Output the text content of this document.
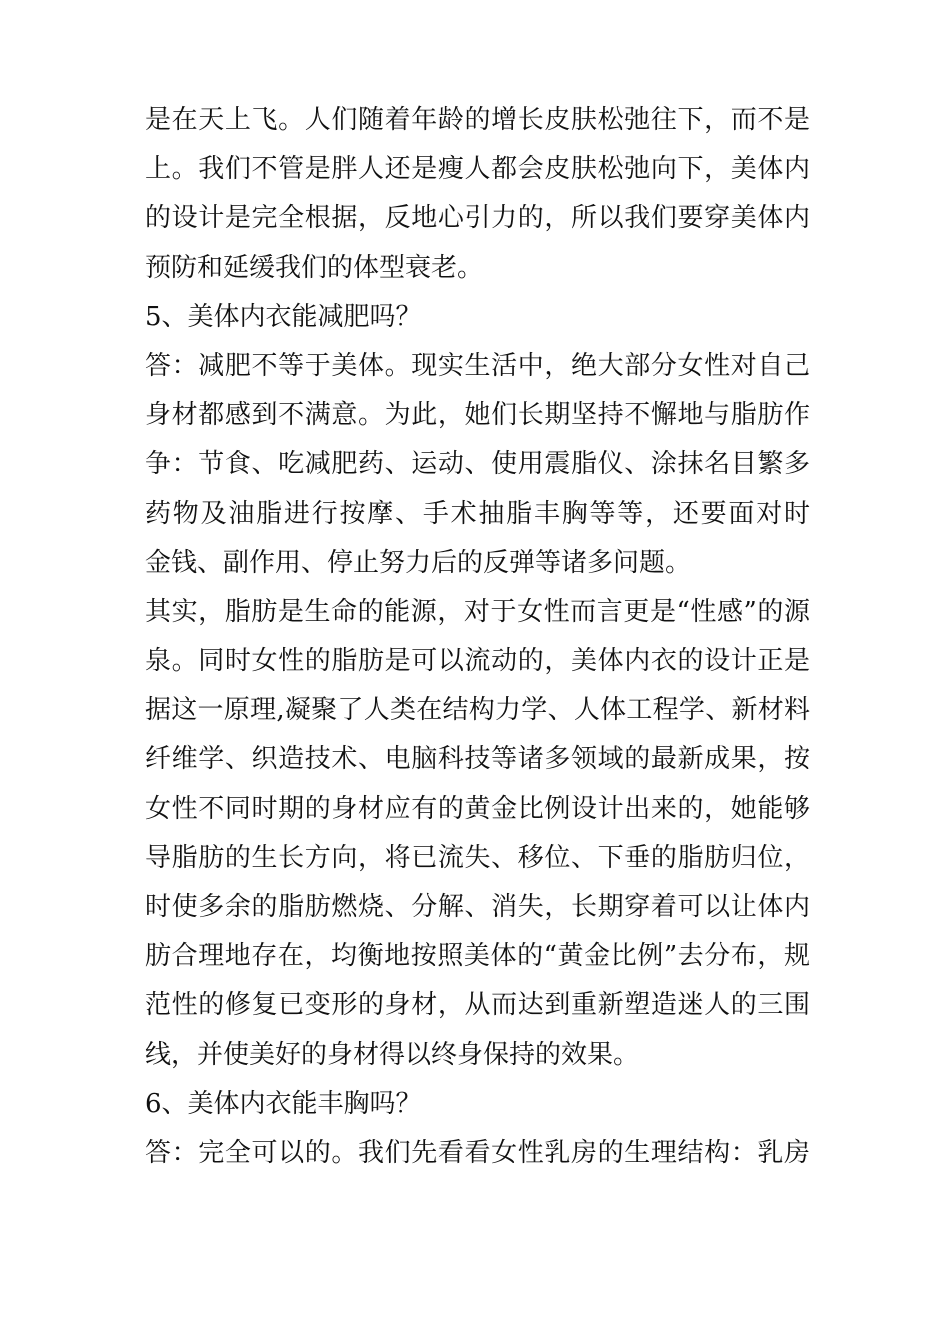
是在天上飞。人们随着年龄的增长皮肤松弛往下，而不是
上。我们不管是胖人还是瘦人都会皮肤松弛向下，美体内
的设计是完全根据，反地心引力的，所以我们要穿美体内
预防和延缓我们的体型衰老。
5、美体内衣能减肥吗？
答：减肥不等于美体。现实生活中，绝大部分女性对自己
身材都感到不满意。为此，她们长期坚持不懈地与脂肪作
争：节食、吃减肥药、运动、使用震脂仪、涂抹名目繁多
药物及油脂进行按摩、手术抽脂丰胸等等，还要面对时
金钱、副作用、停止努力后的反弹等诸多问题。
其实，脂肪是生命的能源，对于女性而言更是“性感”的源
泉。同时女性的脂肪是可以流动的，美体内衣的设计正是
据这一原理,凝聚了人类在结构力学、人体工程学、新材料
纤维学、织造技术、电脑科技等诸多领域的最新成果，按
女性不同时期的身材应有的黄金比例设计出来的，她能够
导脂肪的生长方向，将已流失、移位、下垂的脂肪归位，
时使多余的脂肪燃烧、分解、消失，长期穿着可以让体内
肪合理地存在，均衡地按照美体的“黄金比例”去分布，规
范性的修复已变形的身材，从而达到重新塑造迷人的三围
线，并使美好的身材得以终身保持的效果。
6、美体内衣能丰胸吗？
答：完全可以的。我们先看看女性乳房的生理结构：乳房
